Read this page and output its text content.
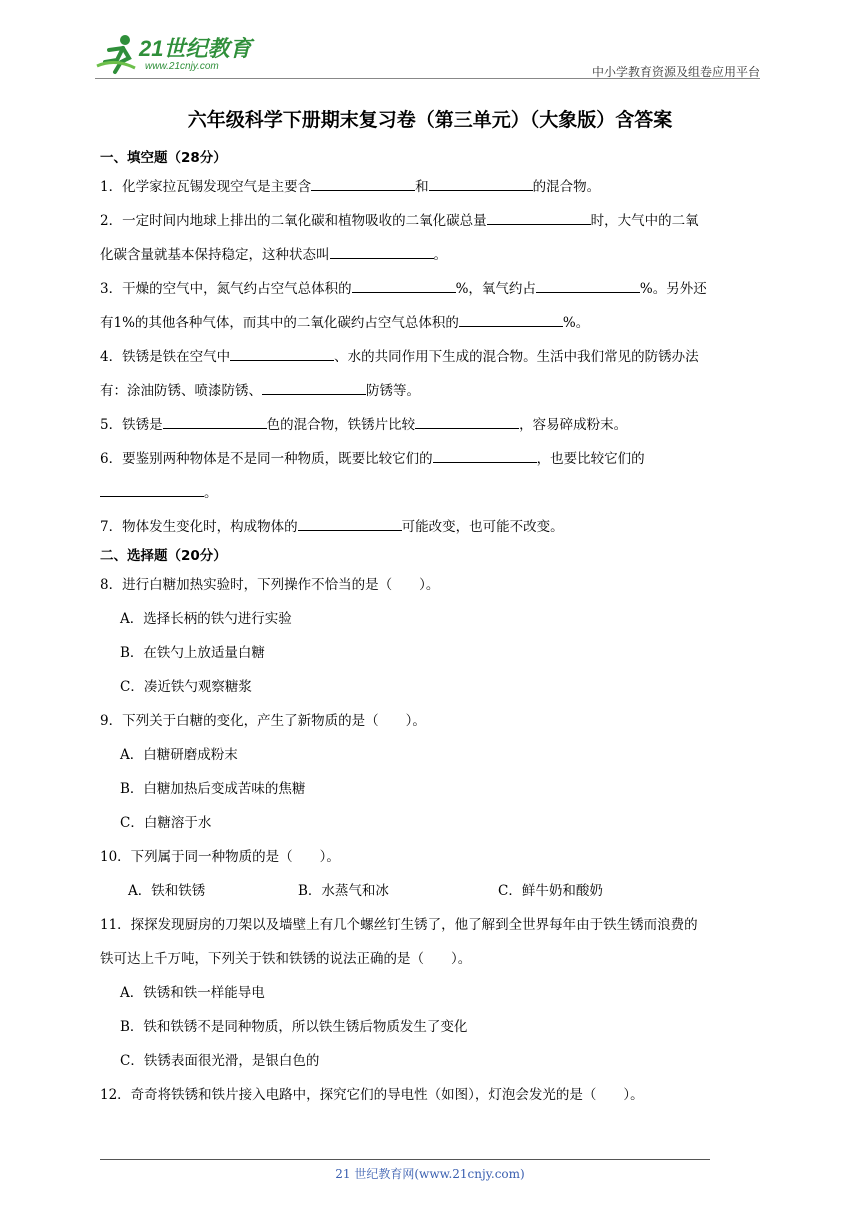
21世纪教育
www.21cnjy.com	中小学教育资源及组卷应用平台
六年级科学下册期末复习卷（第三单元）（大象版）含答案
一、填空题（28分）
1．化学家拉瓦锡发现空气是主要含	和	的混合物。
2．一定时间内地球上排出的二氧化碳和植物吸收的二氧化碳总量	时，大气中的二氧
化碳含量就基本保持稳定，这种状态叫	。
3．干燥的空气中，氮气约占空气总体积的	%，氧气约占	%。另外还
有1%的其他各种气体，而其中的二氧化碳约占空气总体积的	%。
4．铁锈是铁在空气中	、水的共同作用下生成的混合物。生活中我们常见的防锈办法
有：涂油防锈、喷漆防锈、	防锈等。
5．铁锈是	色的混合物，铁锈片比较	，容易碎成粉末。
6．要鉴别两种物体是不是同一种物质，既要比较它们的	，也要比较它们的
。
7．物体发生变化时，构成物体的	可能改变，也可能不改变。
二、选择题（20分）
8．进行白糖加热实验时，下列操作不恰当的是（　　）。
A．选择长柄的铁勺进行实验
B．在铁勺上放适量白糖
C．凑近铁勺观察糖浆
9．下列关于白糖的变化，产生了新物质的是（　　）。
A．白糖研磨成粉末
B．白糖加热后变成苦味的焦糖
C．白糖溶于水
10．下列属于同一种物质的是（　　）。
A．铁和铁锈	B．水蒸气和冰	C．鲜牛奶和酸奶
11．探探发现厨房的刀架以及墙壁上有几个螺丝钉生锈了，他了解到全世界每年由于铁生锈而浪费的
铁可达上千万吨，下列关于铁和铁锈的说法正确的是（　　）。
A．铁锈和铁一样能导电
B．铁和铁锈不是同种物质，所以铁生锈后物质发生了变化
C．铁锈表面很光滑，是银白色的
12．奇奇将铁锈和铁片接入电路中，探究它们的导电性（如图），灯泡会发光的是（　　）。
21 世纪教育网(www.21cnjy.com)
